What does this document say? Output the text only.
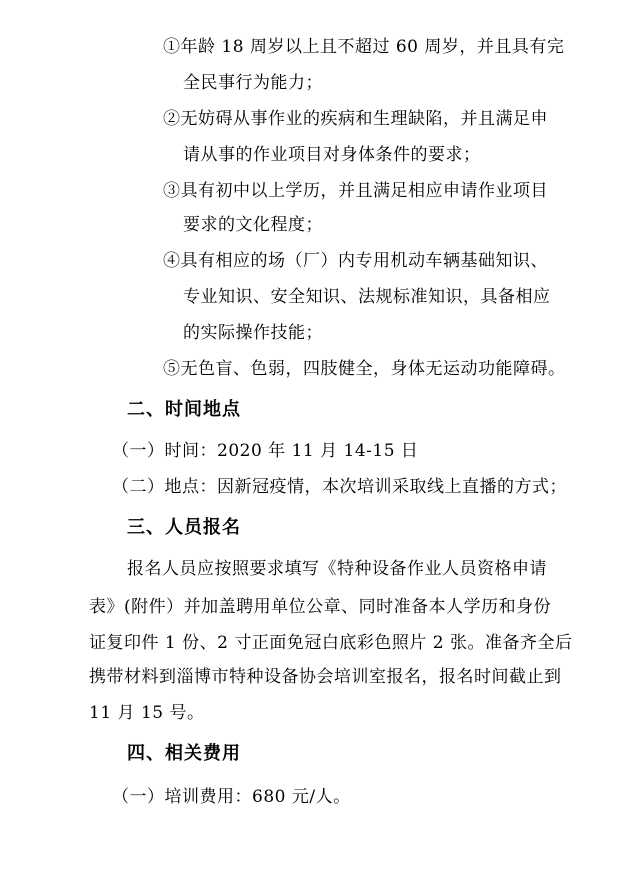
①年龄 18 周岁以上且不超过 60 周岁，并且具有完
全民事行为能力；
②无妨碍从事作业的疾病和生理缺陷，并且满足申
请从事的作业项目对身体条件的要求；
③具有初中以上学历，并且满足相应申请作业项目
要求的文化程度；
④具有相应的场（厂）内专用机动车辆基础知识、
专业知识、安全知识、法规标准知识，具备相应
的实际操作技能；
⑤无色盲、色弱，四肢健全，身体无运动功能障碍。
二、时间地点
（一）时间：2020 年 11 月 14-15 日
（二）地点：因新冠疫情，本次培训采取线上直播的方式；
三、人员报名
报名人员应按照要求填写《特种设备作业人员资格申请
表》(附件）并加盖聘用单位公章、同时准备本人学历和身份
证复印件 1 份、2 寸正面免冠白底彩色照片 2 张。准备齐全后
携带材料到淄博市特种设备协会培训室报名，报名时间截止到
11 月 15 号。
四、相关费用
（一）培训费用：680 元/人。
